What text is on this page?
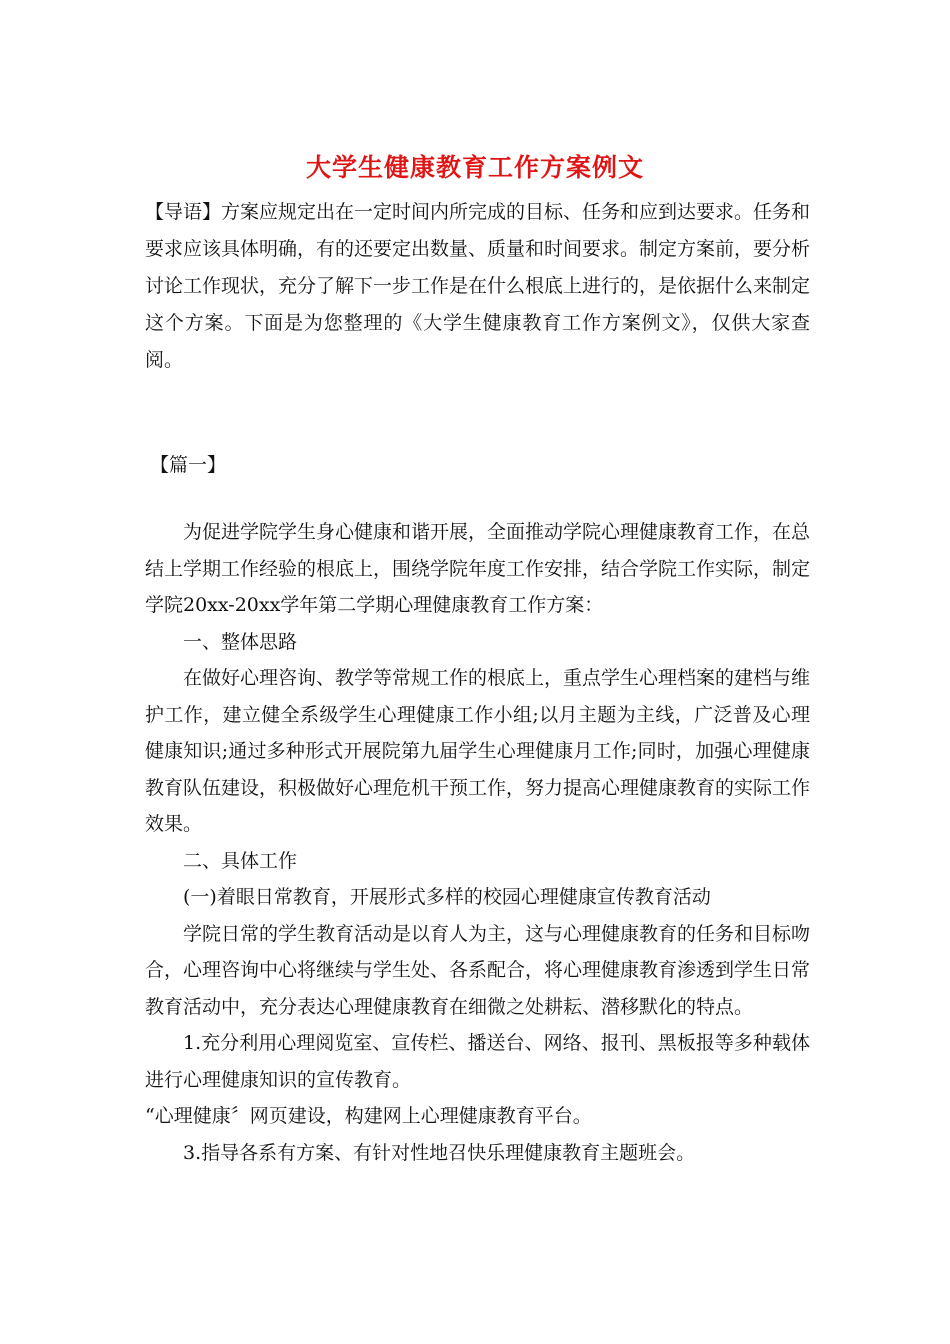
大学生健康教育工作方案例文
【导语】方案应规定出在一定时间内所完成的目标、任务和应到达要求。任务和要求应该具体明确，有的还要定出数量、质量和时间要求。制定方案前，要分析讨论工作现状，充分了解下一步工作是在什么根底上进行的，是依据什么来制定这个方案。下面是为您整理的《大学生健康教育工作方案例文》，仅供大家查阅。
【篇一】

为促进学院学生身心健康和谐开展，全面推动学院心理健康教育工作，在总结上学期工作经验的根底上，围绕学院年度工作安排，结合学院工作实际，制定学院20xx-20xx学年第二学期心理健康教育工作方案：

一、整体思路

在做好心理咨询、教学等常规工作的根底上，重点学生心理档案的建档与维护工作，建立健全系级学生心理健康工作小组;以月主题为主线，广泛普及心理健康知识;通过多种形式开展院第九届学生心理健康月工作;同时，加强心理健康教育队伍建设，积极做好心理危机干预工作，努力提高心理健康教育的实际工作效果。

二、具体工作

(一)着眼日常教育，开展形式多样的校园心理健康宣传教育活动

学院日常的学生教育活动是以育人为主，这与心理健康教育的任务和目标吻合，心理咨询中心将继续与学生处、各系配合，将心理健康教育渗透到学生日常教育活动中，充分表达心理健康教育在细微之处耕耘、潜移默化的特点。

1.充分利用心理阅览室、宣传栏、播送台、网络、报刊、黑板报等多种载体进行心理健康知识的宣传教育。

“心理健康〞网页建设，构建网上心理健康教育平台。

3.指导各系有方案、有针对性地召快乐理健康教育主题班会。
